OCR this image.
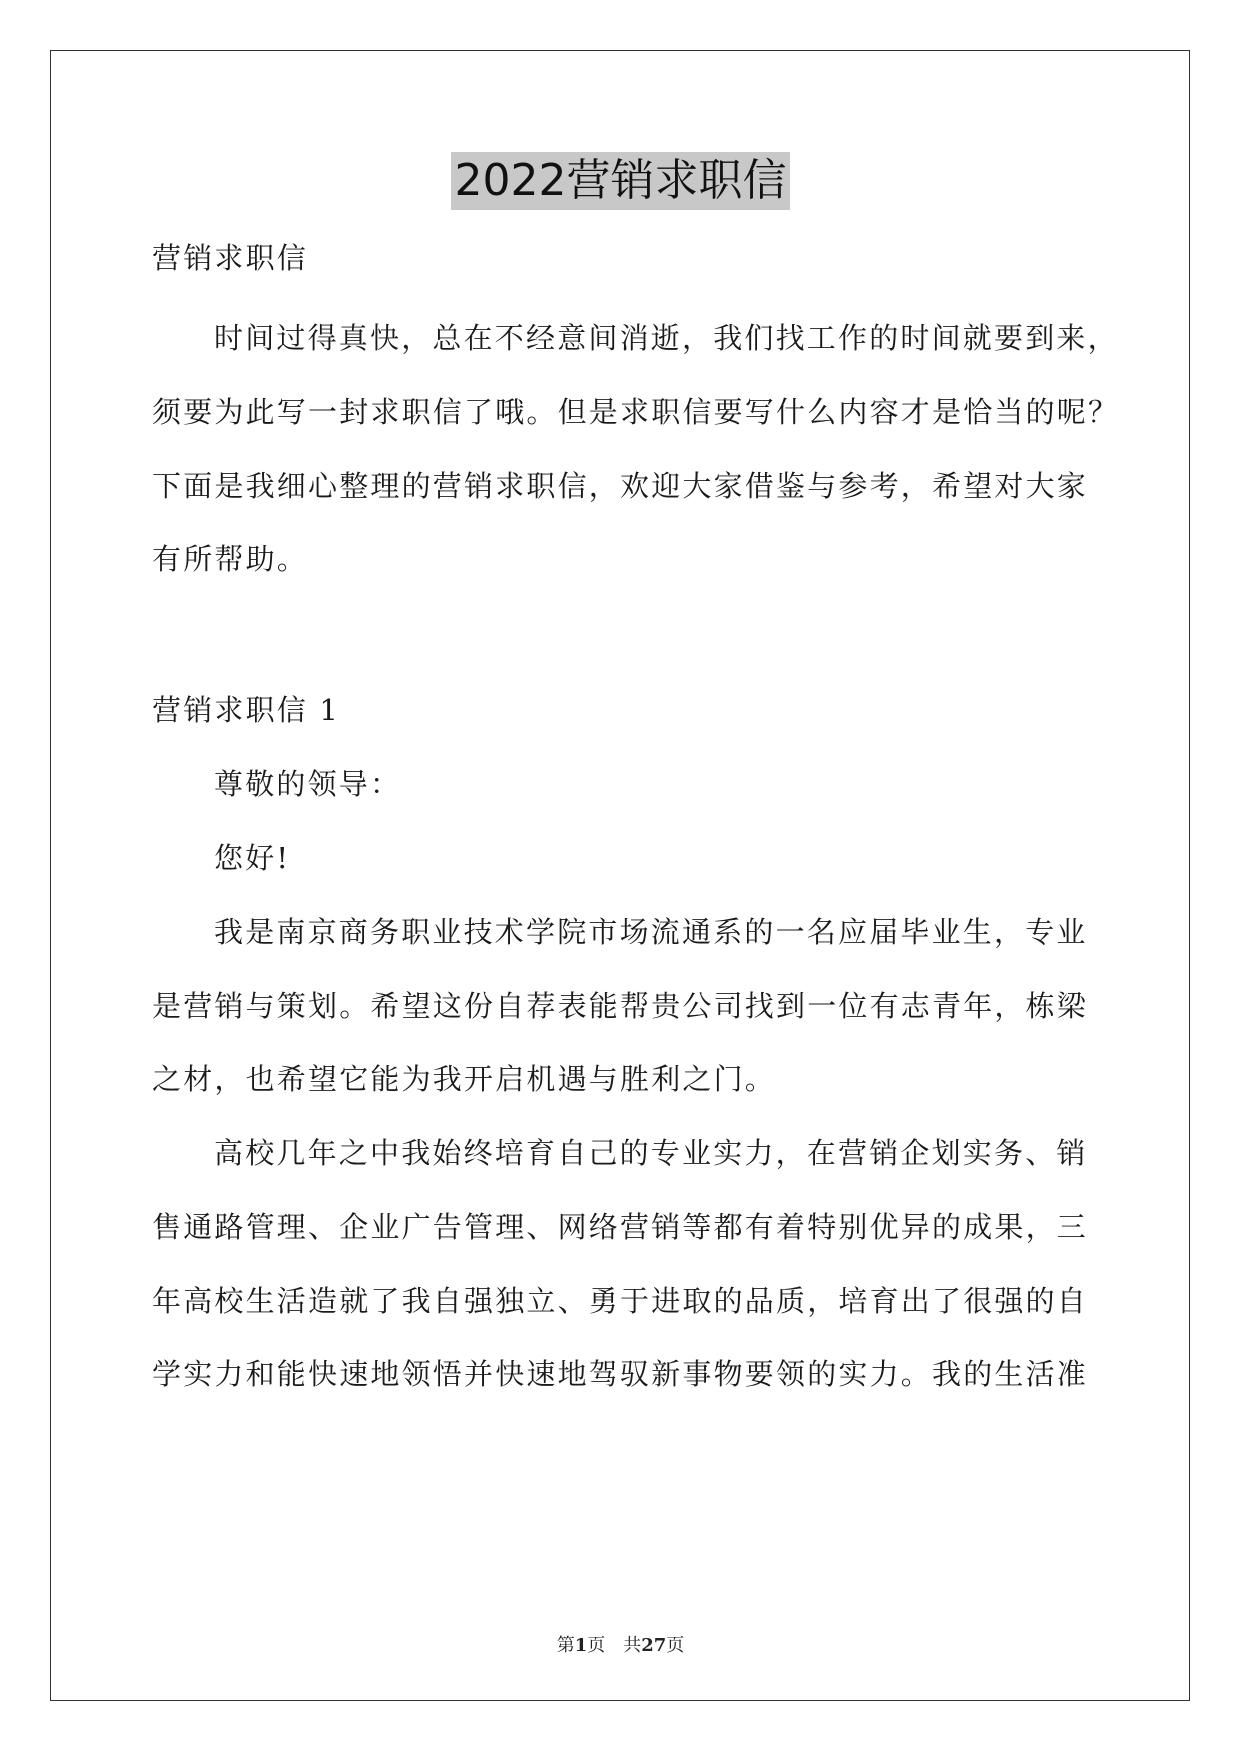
2022营销求职信
营销求职信
时间过得真快，总在不经意间消逝，我们找工作的时间就要到来，
须要为此写一封求职信了哦。但是求职信要写什么内容才是恰当的呢？
下面是我细心整理的营销求职信，欢迎大家借鉴与参考，希望对大家
有所帮助。
营销求职信 1
尊敬的领导：
您好!
我是南京商务职业技术学院市场流通系的一名应届毕业生，专业
是营销与策划。希望这份自荐表能帮贵公司找到一位有志青年，栋梁
之材，也希望它能为我开启机遇与胜利之门。
高校几年之中我始终培育自己的专业实力，在营销企划实务、销
售通路管理、企业广告管理、网络营销等都有着特别优异的成果，三
年高校生活造就了我自强独立、勇于进取的品质，培育出了很强的自
学实力和能快速地领悟并快速地驾驭新事物要领的实力。我的生活准
第1页 共27页
